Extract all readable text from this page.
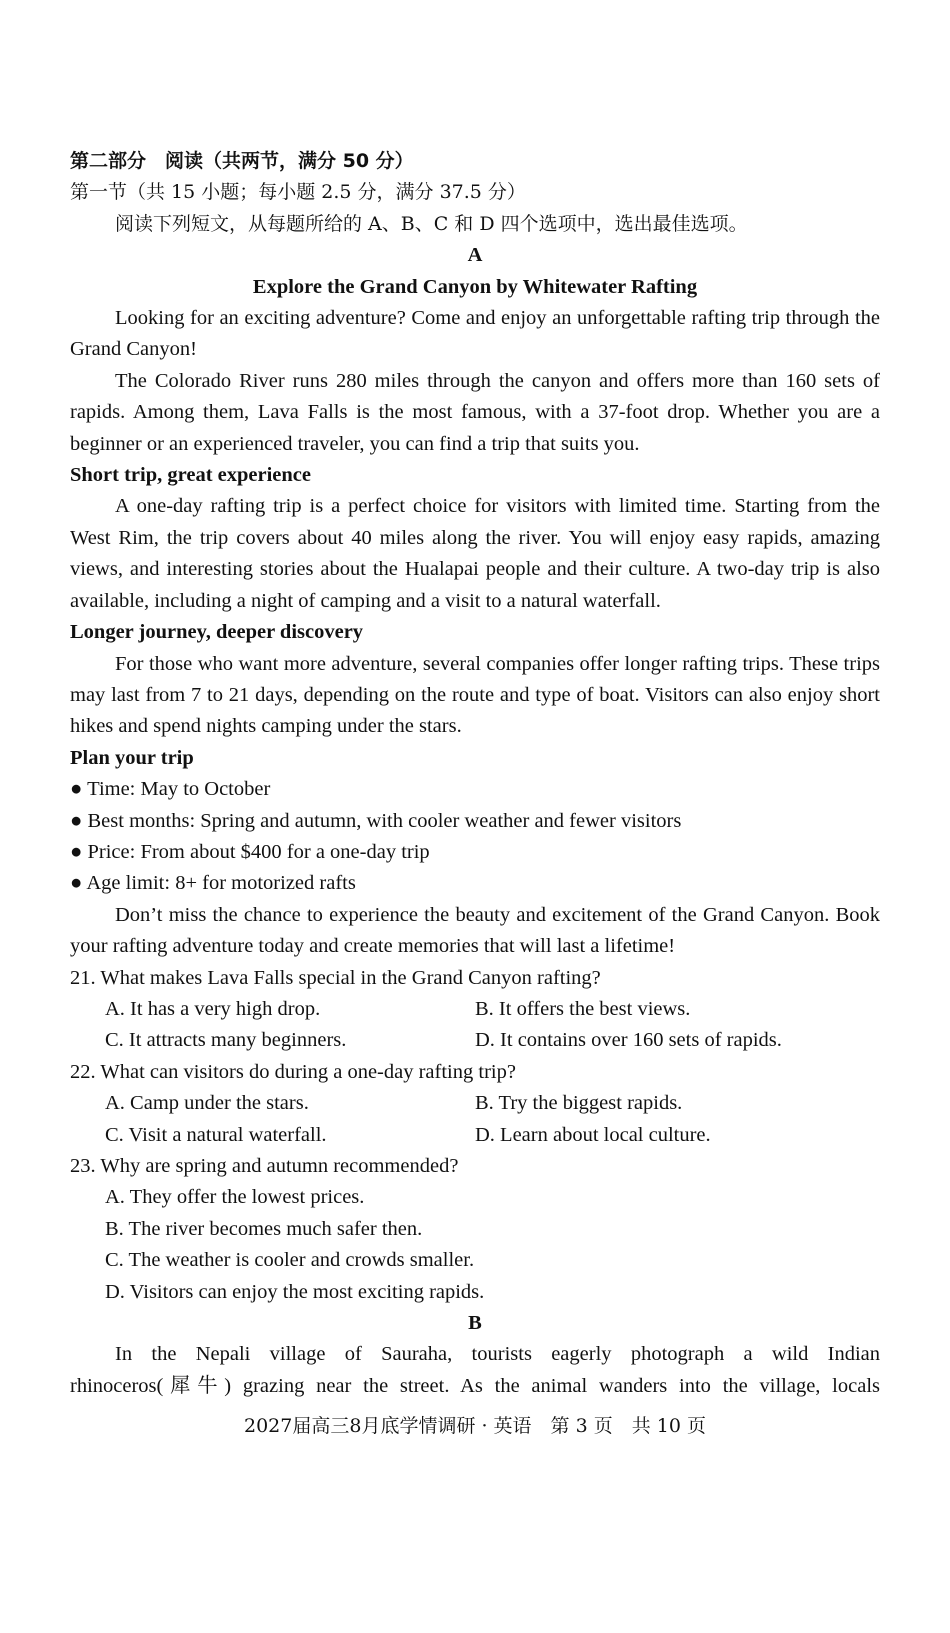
第二部分　阅读（共两节，满分 50 分）
第一节（共 15 小题；每小题 2.5 分，满分 37.5 分）
阅读下列短文，从每题所给的 A、B、C 和 D 四个选项中，选出最佳选项。
A
Explore the Grand Canyon by Whitewater Rafting
Looking for an exciting adventure? Come and enjoy an unforgettable rafting trip through the Grand Canyon!
The Colorado River runs 280 miles through the canyon and offers more than 160 sets of rapids. Among them, Lava Falls is the most famous, with a 37-foot drop. Whether you are a beginner or an experienced traveler, you can find a trip that suits you.
Short trip, great experience
A one-day rafting trip is a perfect choice for visitors with limited time. Starting from the West Rim, the trip covers about 40 miles along the river. You will enjoy easy rapids, amazing views, and interesting stories about the Hualapai people and their culture. A two-day trip is also available, including a night of camping and a visit to a natural waterfall.
Longer journey, deeper discovery
For those who want more adventure, several companies offer longer rafting trips. These trips may last from 7 to 21 days, depending on the route and type of boat. Visitors can also enjoy short hikes and spend nights camping under the stars.
Plan your trip
● Time: May to October
● Best months: Spring and autumn, with cooler weather and fewer visitors
● Price: From about $400 for a one-day trip
● Age limit: 8+ for motorized rafts
Don’t miss the chance to experience the beauty and excitement of the Grand Canyon. Book your rafting adventure today and create memories that will last a lifetime!
21. What makes Lava Falls special in the Grand Canyon rafting?
A. It has a very high drop.	B. It offers the best views.
C. It attracts many beginners.	D. It contains over 160 sets of rapids.
22. What can visitors do during a one-day rafting trip?
A. Camp under the stars.	B. Try the biggest rapids.
C. Visit a natural waterfall.	D. Learn about local culture.
23. Why are spring and autumn recommended?
A. They offer the lowest prices.
B. The river becomes much safer then.
C. The weather is cooler and crowds smaller.
D. Visitors can enjoy the most exciting rapids.
B
In the Nepali village of Sauraha, tourists eagerly photograph a wild Indian
rhinoceros(犀牛) grazing near the street. As the animal wanders into the village, locals
2027届高三8月底学情调研 · 英语　第 3 页　共 10 页
